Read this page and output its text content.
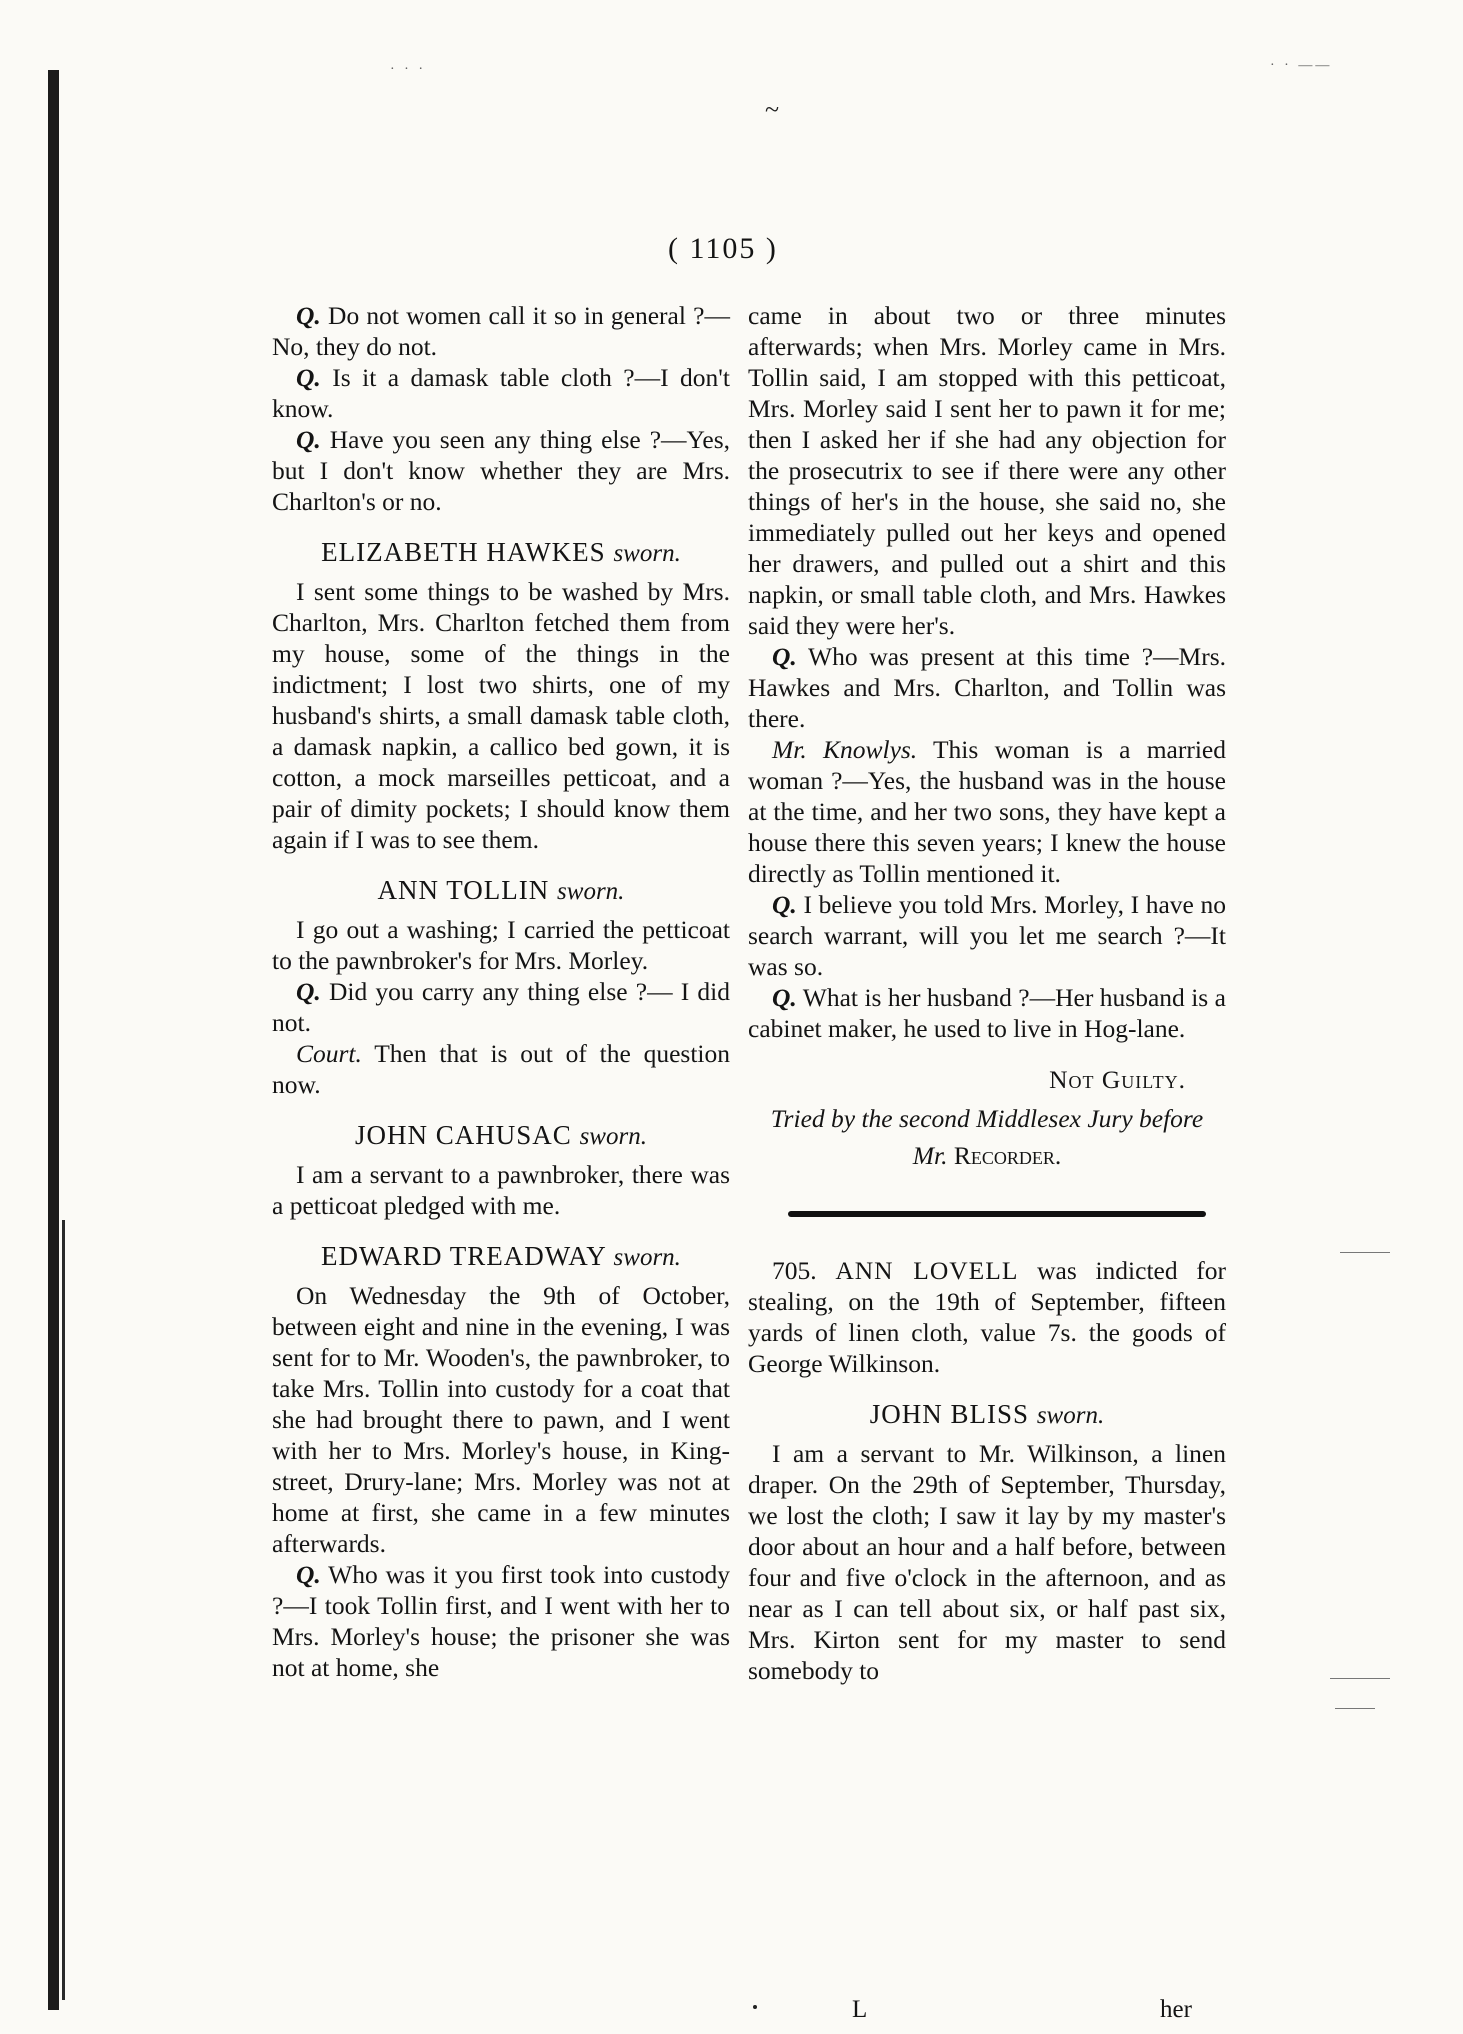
· · ·	· · ——
~
( 1105 )

Q. Do not women call it so in general ?—No, they do not.

Q. Is it a damask table cloth ?—I don't know.

Q. Have you seen any thing else ?—Yes, but I don't know whether they are Mrs. Charlton's or no.

ELIZABETH HAWKES sworn.

I sent some things to be washed by Mrs. Charlton, Mrs. Charlton fetched them from my house, some of the things in the indictment; I lost two shirts, one of my husband's shirts, a small damask table cloth, a damask napkin, a callico bed gown, it is cotton, a mock marseilles petticoat, and a pair of dimity pockets; I should know them again if I was to see them.

ANN TOLLIN sworn.

I go out a washing; I carried the petticoat to the pawnbroker's for Mrs. Morley.

Q. Did you carry any thing else ?— I did not.

Court. Then that is out of the question now.

JOHN CAHUSAC sworn.

I am a servant to a pawnbroker, there was a petticoat pledged with me.

EDWARD TREADWAY sworn.

On Wednesday the 9th of October, between eight and nine in the evening, I was sent for to Mr. Wooden's, the pawnbroker, to take Mrs. Tollin into custody for a coat that she had brought there to pawn, and I went with her to Mrs. Morley's house, in King-street, Drury-lane; Mrs. Morley was not at home at first, she came in a few minutes afterwards.

Q. Who was it you first took into custody ?—I took Tollin first, and I went with her to Mrs. Morley's house; the prisoner she was not at home, she

came in about two or three minutes afterwards; when Mrs. Morley came in Mrs. Tollin said, I am stopped with this petticoat, Mrs. Morley said I sent her to pawn it for me; then I asked her if she had any objection for the prosecutrix to see if there were any other things of her's in the house, she said no, she immediately pulled out her keys and opened her drawers, and pulled out a shirt and this napkin, or small table cloth, and Mrs. Hawkes said they were her's.

Q. Who was present at this time ?—Mrs. Hawkes and Mrs. Charlton, and Tollin was there.

Mr. Knowlys. This woman is a married woman ?—Yes, the husband was in the house at the time, and her two sons, they have kept a house there this seven years; I knew the house directly as Tollin mentioned it.

Q. I believe you told Mrs. Morley, I have no search warrant, will you let me search ?—It was so.

Q. What is her husband ?—Her husband is a cabinet maker, he used to live in Hog-lane.

Not Guilty.
Tried by the second Middlesex Jury before
Mr. Recorder.

705. ANN LOVELL was indicted for stealing, on the 19th of September, fifteen yards of linen cloth, value 7s. the goods of George Wilkinson.

JOHN BLISS sworn.

I am a servant to Mr. Wilkinson, a linen draper. On the 29th of September, Thursday, we lost the cloth; I saw it lay by my master's door about an hour and a half before, between four and five o'clock in the afternoon, and as near as I can tell about six, or half past six, Mrs. Kirton sent for my master to send somebody to

L	her
